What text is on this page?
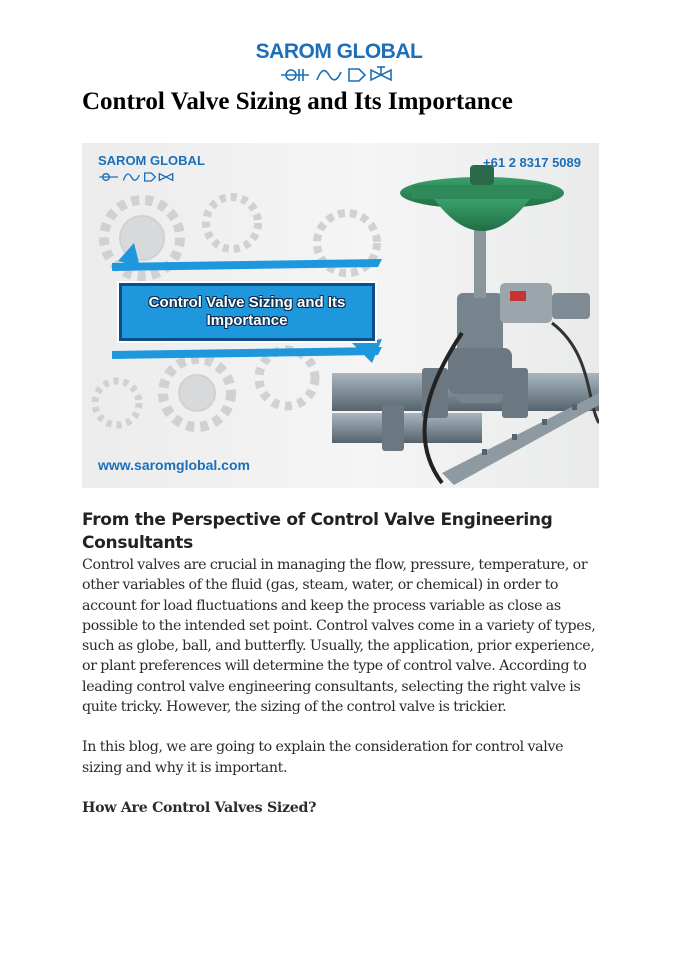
SAROM GLOBAL
Control Valve Sizing and Its Importance
SAROM GLOBAL	+61 2 8317 5089
Control Valve Sizing and Its Importance
www.saromglobal.com
From the Perspective of Control Valve Engineering Consultants

Control valves are crucial in managing the flow, pressure, temperature, or other variables of the fluid (gas, steam, water, or chemical) in order to account for load fluctuations and keep the process variable as close as possible to the intended set point. Control valves come in a variety of types, such as globe, ball, and butterfly. Usually, the application, prior experience, or plant preferences will determine the type of control valve. According to leading control valve engineering consultants, selecting the right valve is quite tricky. However, the sizing of the control valve is trickier.

In this blog, we are going to explain the consideration for control valve sizing and why it is important.

How Are Control Valves Sized?
